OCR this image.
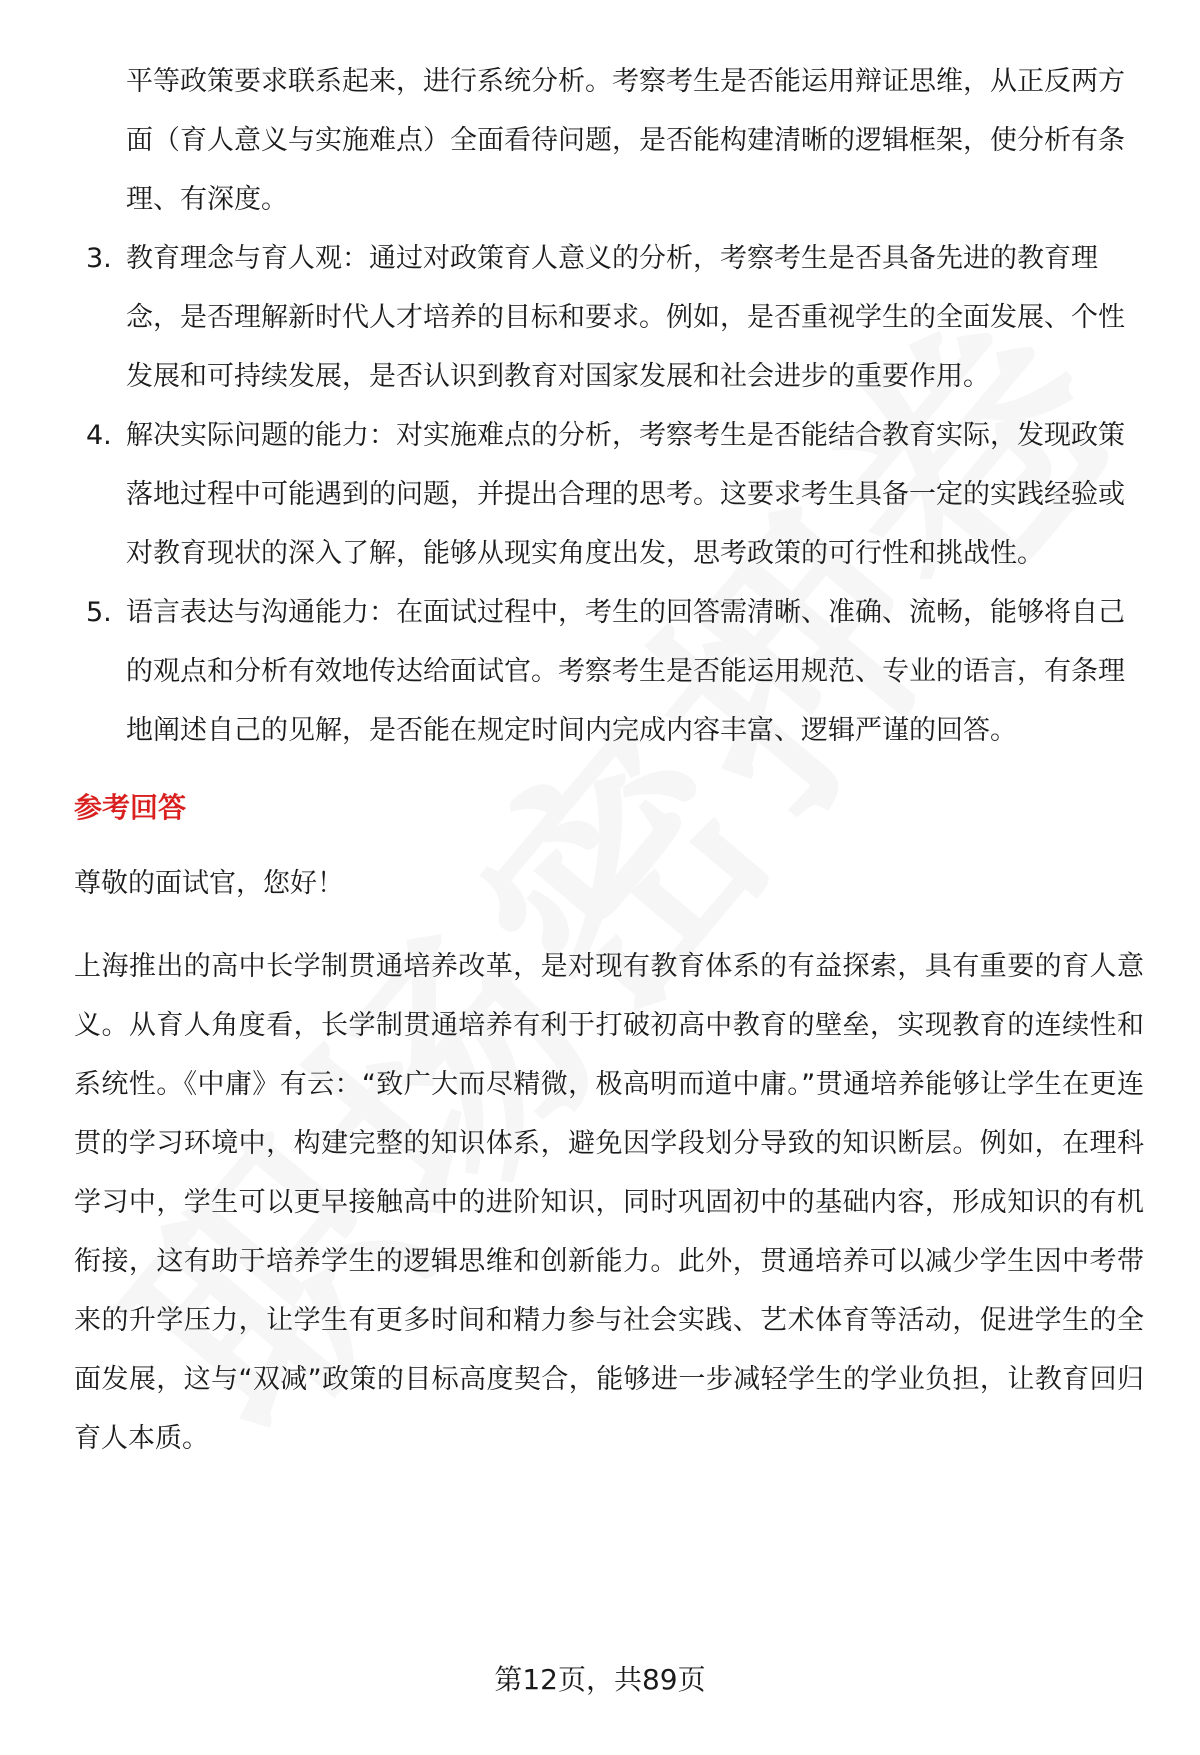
平等政策要求联系起来，进行系统分析。考察考生是否能运用辩证思维，从正反两方面（育人意义与实施难点）全面看待问题，是否能构建清晰的逻辑框架，使分析有条理、有深度。
3. 教育理念与育人观：通过对政策育人意义的分析，考察考生是否具备先进的教育理念，是否理解新时代人才培养的目标和要求。例如，是否重视学生的全面发展、个性发展和可持续发展，是否认识到教育对国家发展和社会进步的重要作用。
4. 解决实际问题的能力：对实施难点的分析，考察考生是否能结合教育实际，发现政策落地过程中可能遇到的问题，并提出合理的思考。这要求考生具备一定的实践经验或对教育现状的深入了解，能够从现实角度出发，思考政策的可行性和挑战性。
5. 语言表达与沟通能力：在面试过程中，考生的回答需清晰、准确、流畅，能够将自己的观点和分析有效地传达给面试官。考察考生是否能运用规范、专业的语言，有条理地阐述自己的见解，是否能在规定时间内完成内容丰富、逻辑严谨的回答。
参考回答
尊敬的面试官，您好！
上海推出的高中长学制贯通培养改革，是对现有教育体系的有益探索，具有重要的育人意义。从育人角度看，长学制贯通培养有利于打破初高中教育的壁垒，实现教育的连续性和系统性。《中庸》有云：“致广大而尽精微，极高明而道中庸。”贯通培养能够让学生在更连贯的学习环境中，构建完整的知识体系，避免因学段划分导致的知识断层。例如，在理科学习中，学生可以更早接触高中的进阶知识，同时巩固初中的基础内容，形成知识的有机衔接，这有助于培养学生的逻辑思维和创新能力。此外，贯通培养可以减少学生因中考带来的升学压力，让学生有更多时间和精力参与社会实践、艺术体育等活动，促进学生的全面发展，这与“双减”政策的目标高度契合，能够进一步减轻学生的学业负担，让教育回归育人本质。
第12页，共89页
